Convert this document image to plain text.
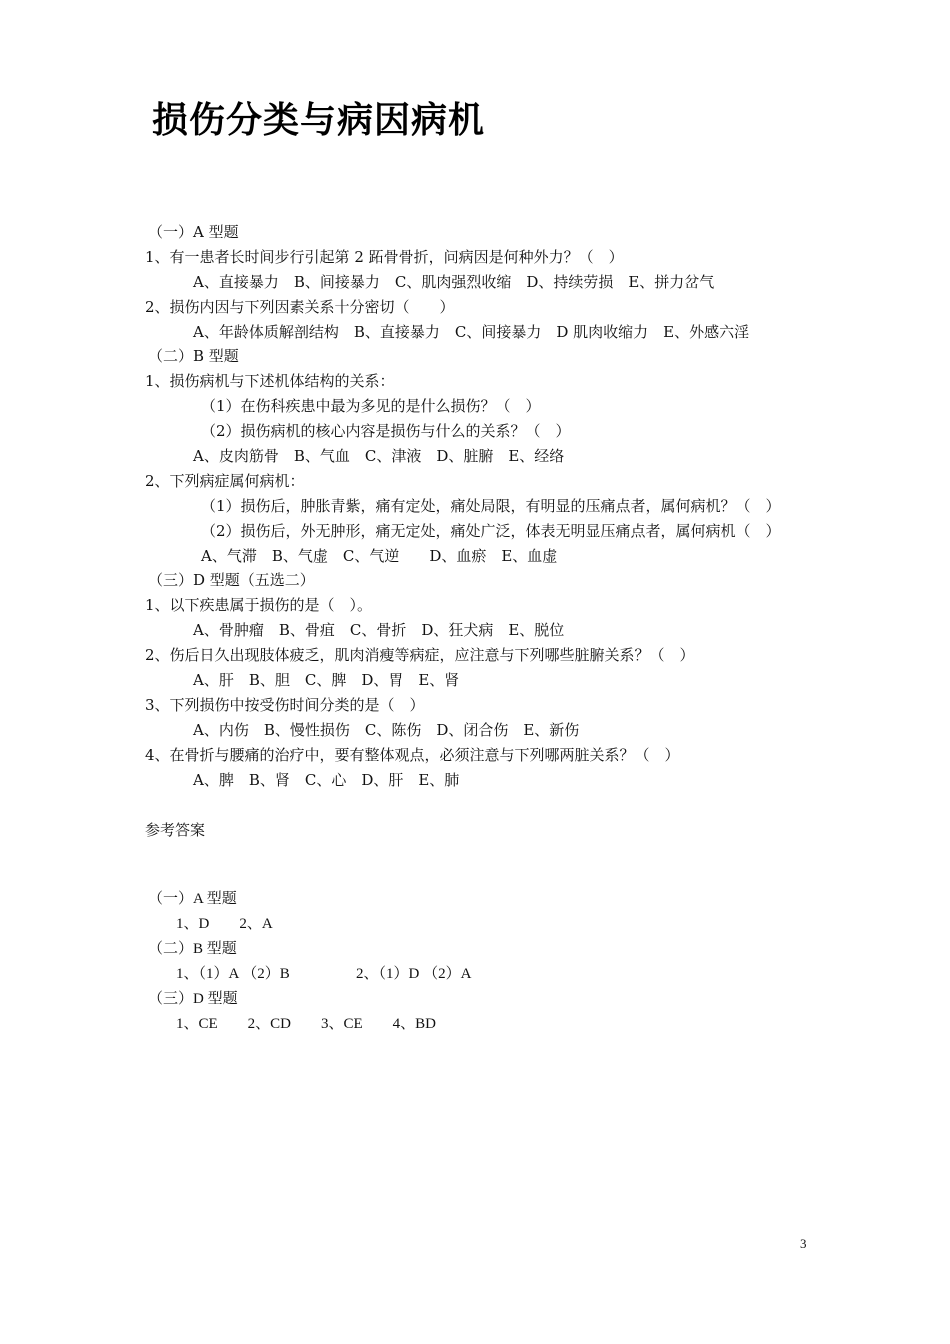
损伤分类与病因病机
（一）A 型题
1、有一患者长时间步行引起第 2 跖骨骨折，问病因是何种外力？（　）
A、直接暴力　B、间接暴力　C、肌肉强烈收缩　D、持续劳损　E、拼力岔气
2、损伤内因与下列因素关系十分密切（　　）
A、年龄体质解剖结构　B、直接暴力　C、间接暴力　D 肌肉收缩力　E、外感六淫
（二）B 型题
1、损伤病机与下述机体结构的关系：
（1）在伤科疾患中最为多见的是什么损伤？（　）
（2）损伤病机的核心内容是损伤与什么的关系？（　）
A、皮肉筋骨　B、气血　C、津液　D、脏腑　E、经络
2、下列病症属何病机：
（1）损伤后，肿胀青紫，痛有定处，痛处局限，有明显的压痛点者，属何病机？（　）
（2）损伤后，外无肿形，痛无定处，痛处广泛，体表无明显压痛点者，属何病机（　）
A、气滞　B、气虚　C、气逆　　D、血瘀　E、血虚
（三）D 型题（五选二）
1、以下疾患属于损伤的是（　）。
A、骨肿瘤　B、骨疽　C、骨折　D、狂犬病　E、脱位
2、伤后日久出现肢体疲乏，肌肉消瘦等病症，应注意与下列哪些脏腑关系？（　）
A、肝　B、胆　C、脾　D、胃　E、肾
3、下列损伤中按受伤时间分类的是（　）
A、内伤　B、慢性损伤　C、陈伤　D、闭合伤　E、新伤
4、在骨折与腰痛的治疗中，要有整体观点，必须注意与下列哪两脏关系？（　）
A、脾　B、肾　C、心　D、肝　E、肺
参考答案
（一）A 型题
1、D　　2、A
（二）B 型题
1、（1）A （2）B	2、（1）D （2）A
（三）D 型题
1、CE　　2、CD　　3、CE　　4、BD
3
